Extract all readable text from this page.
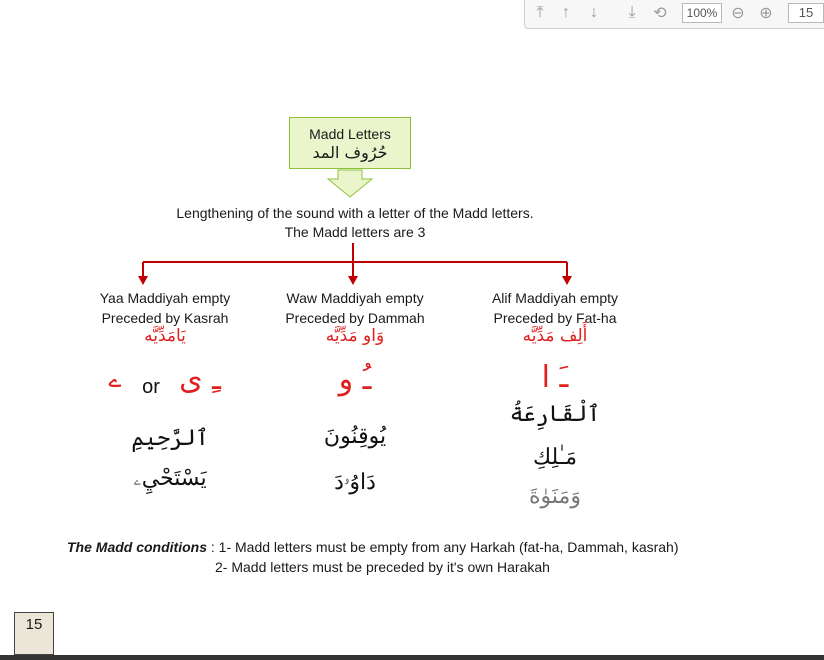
⤒	↑	↓	⤓	⟲	100% ⊖ ⊕	15
Madd Letters
حُرُوف المد
Lengthening of the sound with a letter of the Madd letters.
The Madd letters are 3
Yaa Maddiyah empty
Preceded by Kasrah
يَامَدِّيَّه
ے	or ـِ ى
ٱلرَّحِيمِ
يَسْتَحْيِۦ
Waw Maddiyah empty
Preceded by Dammah
وَاو مَدِّيَّه
ـُ و
يُوقِنُونَ
دَاوُۥدَ
Alif Maddiyah empty
Preceded by Fat-ha
أَلِف مَدِّيَّه
ـَ ا
ٱلْقَارِعَةُ
مَـٰلِكِ
وَمَنَوٰةَ
The Madd conditions : 1- Madd letters must be empty from any Harkah (fat-ha, Dammah, kasrah)
2- Madd letters must be preceded by it's own Harakah
15
